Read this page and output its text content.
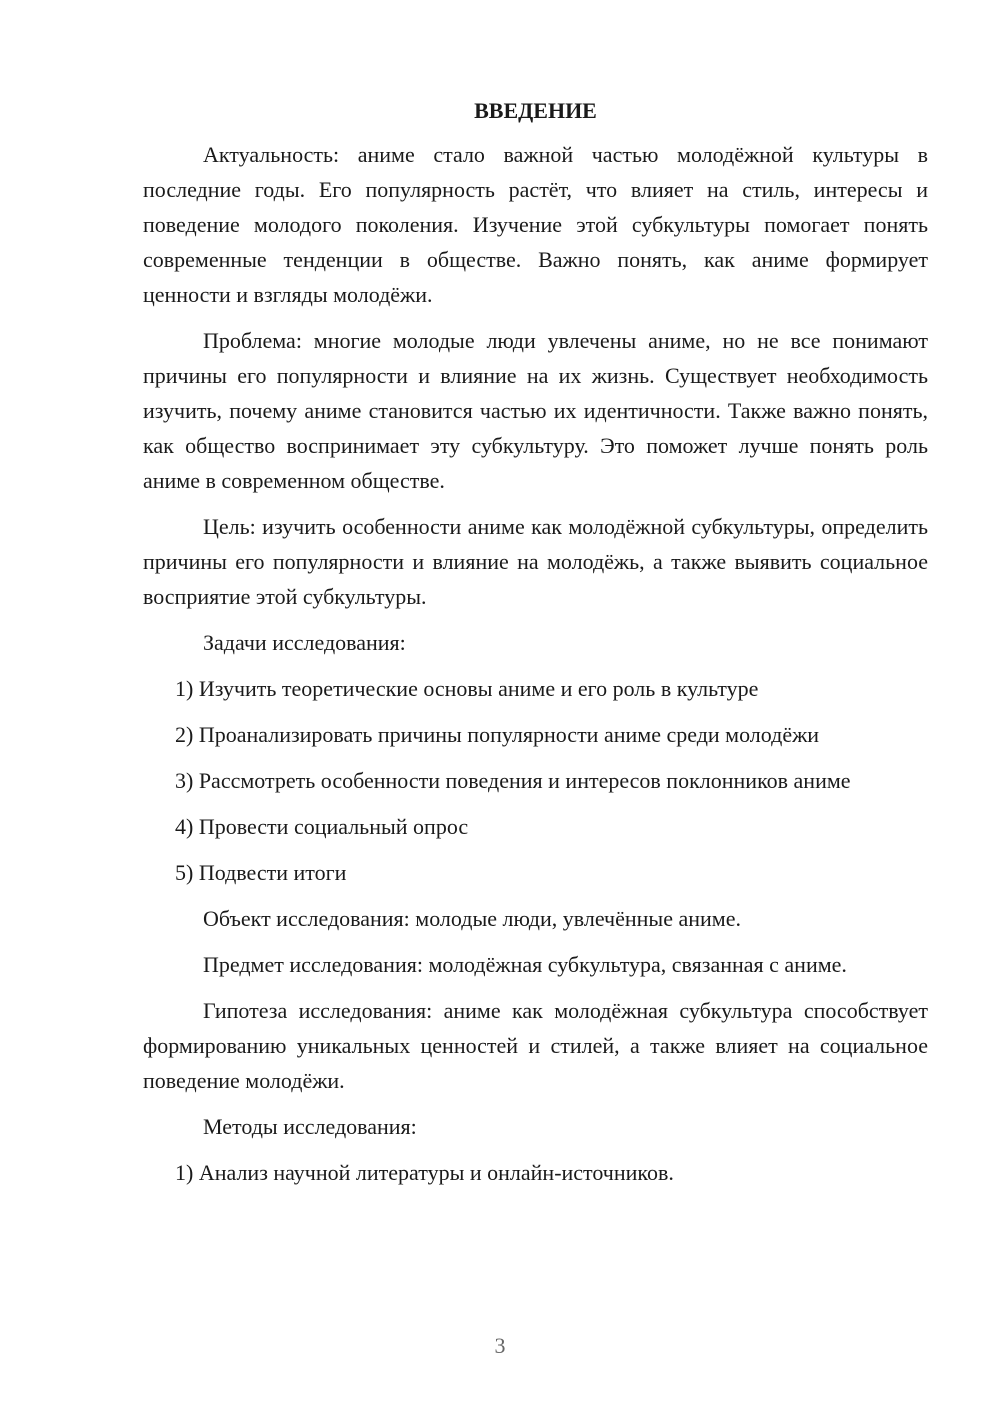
ВВЕДЕНИЕ

Актуальность: аниме стало важной частью молодёжной культуры в последние годы. Его популярность растёт, что влияет на стиль, интересы и поведение молодого поколения. Изучение этой субкультуры помогает понять современные тенденции в обществе. Важно понять, как аниме формирует ценности и взгляды молодёжи.

Проблема: многие молодые люди увлечены аниме, но не все понимают причины его популярности и влияние на их жизнь. Существует необходимость изучить, почему аниме становится частью их идентичности. Также важно понять, как общество воспринимает эту субкультуру. Это поможет лучше понять роль аниме в современном обществе.

Цель: изучить особенности аниме как молодёжной субкультуры, определить причины его популярности и влияние на молодёжь, а также выявить социальное восприятие этой субкультуры.

Задачи исследования:

1) Изучить теоретические основы аниме и его роль в культуре

2) Проанализировать причины популярности аниме среди молодёжи

3) Рассмотреть особенности поведения и интересов поклонников аниме

4) Провести социальный опрос

5) Подвести итоги

Объект исследования: молодые люди, увлечённые аниме.

Предмет исследования: молодёжная субкультура, связанная с аниме.

Гипотеза исследования: аниме как молодёжная субкультура способствует формированию уникальных ценностей и стилей, а также влияет на социальное поведение молодёжи.

Методы исследования:

1) Анализ научной литературы и онлайн-источников.

3
